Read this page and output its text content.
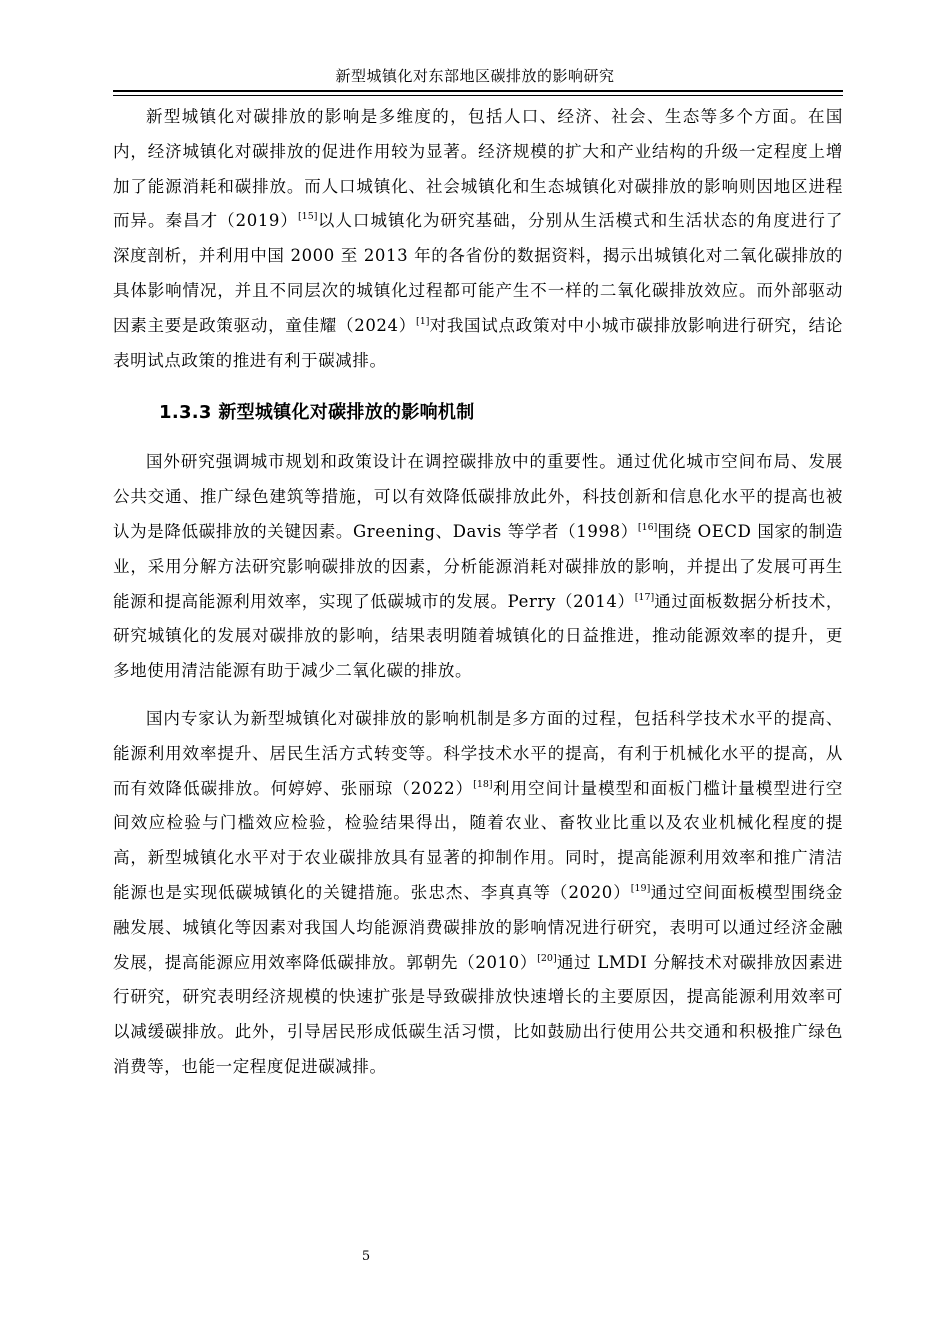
新型城镇化对东部地区碳排放的影响研究

新型城镇化对碳排放的影响是多维度的，包括人口、经济、社会、生态等多个方面。在国内，经济城镇化对碳排放的促进作用较为显著。经济规模的扩大和产业结构的升级一定程度上增加了能源消耗和碳排放。而人口城镇化、社会城镇化和生态城镇化对碳排放的影响则因地区进程而异。秦昌才（2019）[15]以人口城镇化为研究基础，分别从生活模式和生活状态的角度进行了深度剖析，并利用中国 2000 至 2013 年的各省份的数据资料，揭示出城镇化对二氧化碳排放的具体影响情况，并且不同层次的城镇化过程都可能产生不一样的二氧化碳排放效应。而外部驱动因素主要是政策驱动，童佳耀（2024）[1]对我国试点政策对中小城市碳排放影响进行研究，结论表明试点政策的推进有利于碳减排。

1.3.3 新型城镇化对碳排放的影响机制

国外研究强调城市规划和政策设计在调控碳排放中的重要性。通过优化城市空间布局、发展公共交通、推广绿色建筑等措施，可以有效降低碳排放此外，科技创新和信息化水平的提高也被认为是降低碳排放的关键因素。Greening、Davis 等学者（1998）[16]围绕 OECD 国家的制造业，采用分解方法研究影响碳排放的因素，分析能源消耗对碳排放的影响，并提出了发展可再生能源和提高能源利用效率，实现了低碳城市的发展。Perry（2014）[17]通过面板数据分析技术，研究城镇化的发展对碳排放的影响，结果表明随着城镇化的日益推进，推动能源效率的提升，更多地使用清洁能源有助于减少二氧化碳的排放。

国内专家认为新型城镇化对碳排放的影响机制是多方面的过程，包括科学技术水平的提高、能源利用效率提升、居民生活方式转变等。科学技术水平的提高，有利于机械化水平的提高，从而有效降低碳排放。何婷婷、张丽琼（2022）[18]利用空间计量模型和面板门槛计量模型进行空间效应检验与门槛效应检验，检验结果得出，随着农业、畜牧业比重以及农业机械化程度的提高，新型城镇化水平对于农业碳排放具有显著的抑制作用。同时，提高能源利用效率和推广清洁能源也是实现低碳城镇化的关键措施。张忠杰、李真真等（2020）[19]通过空间面板模型围绕金融发展、城镇化等因素对我国人均能源消费碳排放的影响情况进行研究，表明可以通过经济金融发展，提高能源应用效率降低碳排放。郭朝先（2010）[20]通过 LMDI 分解技术对碳排放因素进行研究，研究表明经济规模的快速扩张是导致碳排放快速增长的主要原因，提高能源利用效率可以减缓碳排放。此外，引导居民形成低碳生活习惯，比如鼓励出行使用公共交通和积极推广绿色消费等，也能一定程度促进碳减排。

5
